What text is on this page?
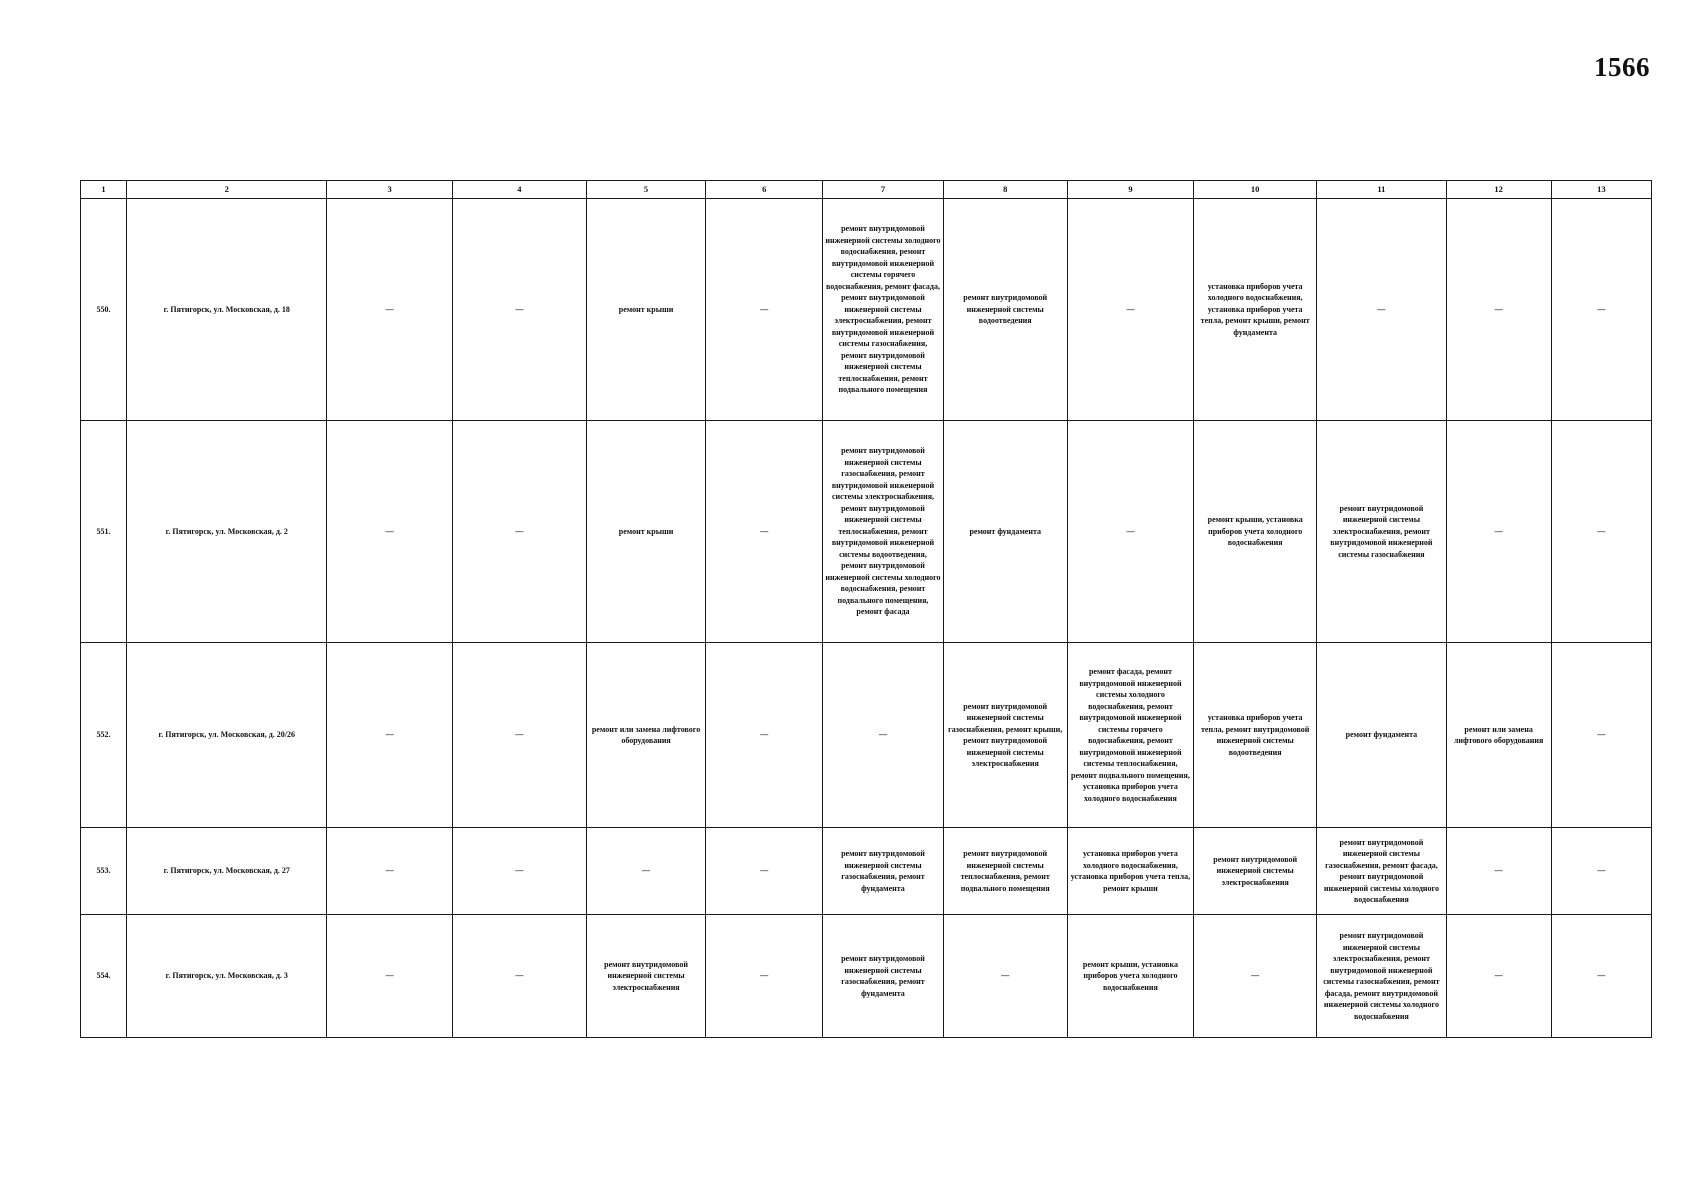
1566
1	2	3	4	5	6	7	8	9	10	11	12	13
550.	г. Пятигорск, ул. Московская, д. 18	—	—	ремонт крыши	—	ремонт внутридомовой инженерной системы холодного водоснабжения, ремонт внутридомовой инженерной системы горячего водоснабжения, ремонт фасада, ремонт внутридомовой инженерной системы электроснабжения, ремонт внутридомовой инженерной системы газоснабжения, ремонт внутридомовой инженерной системы теплоснабжения, ремонт подвального помещения	ремонт внутридомовой инженерной системы водоотведения	—	установка приборов учета холодного водоснабжения, установка приборов учета тепла, ремонт крыши, ремонт фундамента	—	—	—
551.	г. Пятигорск, ул. Московская, д. 2	—	—	ремонт крыши	—	ремонт внутридомовой инженерной системы газоснабжения, ремонт внутридомовой инженерной системы электроснабжения, ремонт внутридомовой инженерной системы теплоснабжения, ремонт внутридомовой инженерной системы водоотведения, ремонт внутридомовой инженерной системы холодного водоснабжения, ремонт подвального помещения, ремонт фасада	ремонт фундамента	—	ремонт крыши, установка приборов учета холодного водоснабжения	ремонт внутридомовой инженерной системы электроснабжения, ремонт внутридомовой инженерной системы газоснабжения	—	—
552.	г. Пятигорск, ул. Московская, д. 20/26	—	—	ремонт или замена лифтового оборудования	—	—	ремонт внутридомовой инженерной системы газоснабжения, ремонт крыши, ремонт внутридомовой инженерной системы электроснабжения	ремонт фасада, ремонт внутридомовой инженерной системы холодного водоснабжения, ремонт внутридомовой инженерной системы горячего водоснабжения, ремонт внутридомовой инженерной системы теплоснабжения, ремонт подвального помещения, установка приборов учета холодного водоснабжения	установка приборов учета тепла, ремонт внутридомовой инженерной системы водоотведения	ремонт фундамента	ремонт или замена лифтового оборудования	—
553.	г. Пятигорск, ул. Московская, д. 27	—	—	—	—	ремонт внутридомовой инженерной системы газоснабжения, ремонт фундамента	ремонт внутридомовой инженерной системы теплоснабжения, ремонт подвального помещения	установка приборов учета холодного водоснабжения, установка приборов учета тепла, ремонт крыши	ремонт внутридомовой инженерной системы электроснабжения	ремонт внутридомовой инженерной системы газоснабжения, ремонт фасада, ремонт внутридомовой инженерной системы холодного водоснабжения	—	—
554.	г. Пятигорск, ул. Московская, д. 3	—	—	ремонт внутридомовой инженерной системы электроснабжения	—	ремонт внутридомовой инженерной системы газоснабжения, ремонт фундамента	—	ремонт крыши, установка приборов учета холодного водоснабжения	—	ремонт внутридомовой инженерной системы электроснабжения, ремонт внутридомовой инженерной системы газоснабжения, ремонт фасада, ремонт внутридомовой инженерной системы холодного водоснабжения	—	—
